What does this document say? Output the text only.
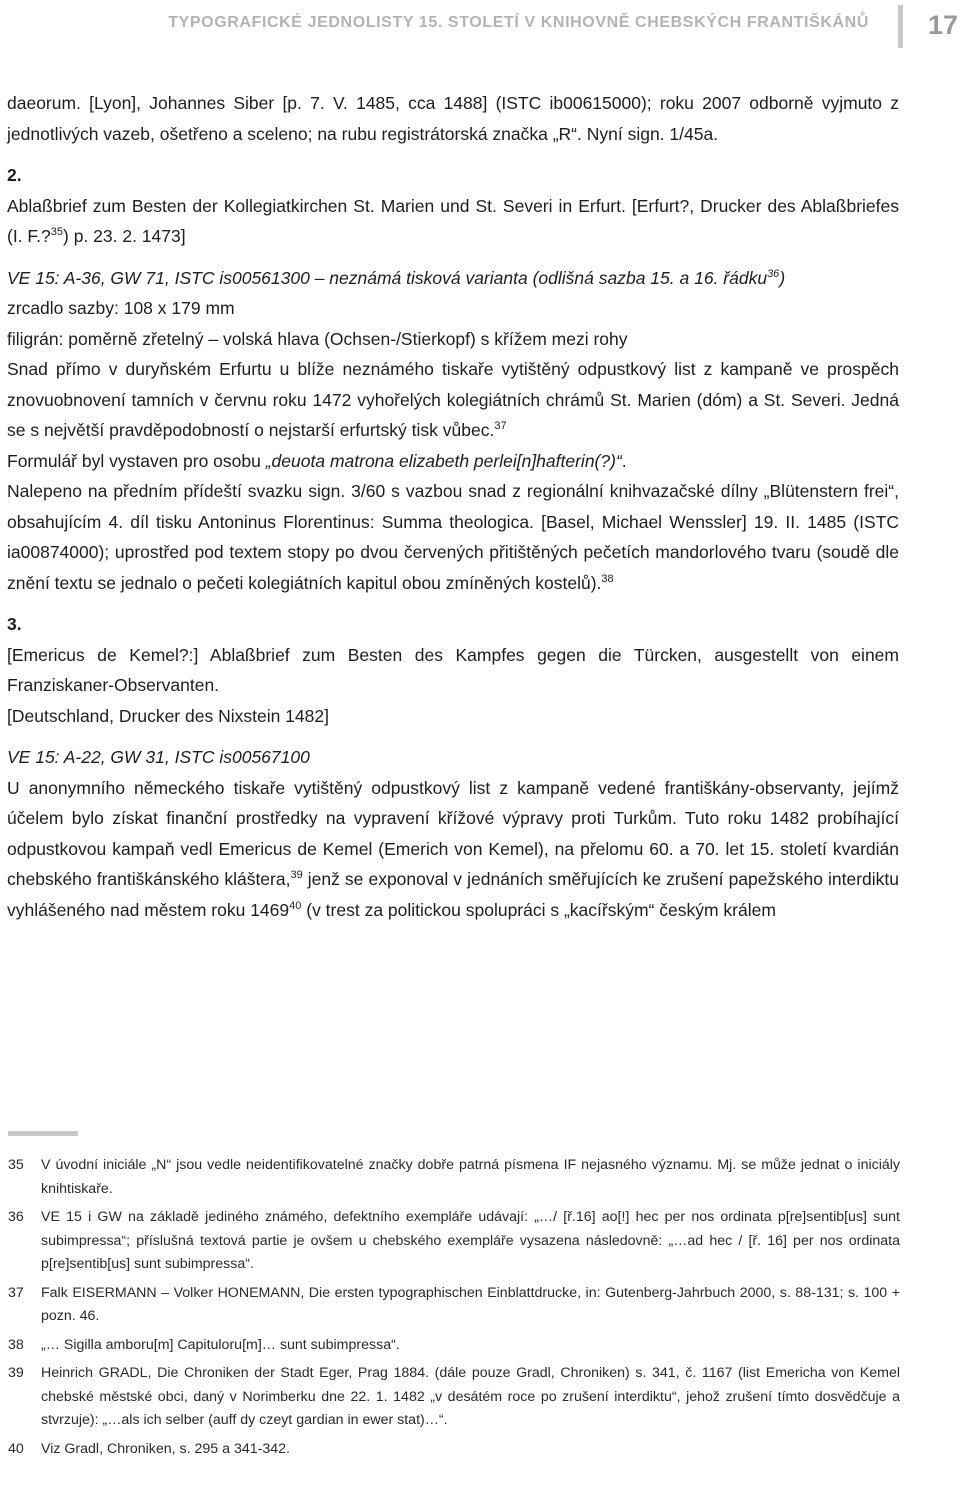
TYPOGRAFICKÉ JEDNOLISTY 15. STOLETÍ V KNIHOVNĚ CHEBSKÝCH FRANTIŠKÁNŮ 17

daeorum. [Lyon], Johannes Siber [p. 7. V. 1485, cca 1488] (ISTC ib00615000); roku 2007 odborně vyjmuto z jednotlivých vazeb, ošetřeno a sceleno; na rubu registrátorská značka „R“. Nyní sign. 1/45a.

2.

Ablaßbrief zum Besten der Kollegiatkirchen St. Marien und St. Severi in Erfurt. [Erfurt?, Drucker des Ablaßbriefes (I. F.?$^{35}$) p. 23. 2. 1473]

VE 15: A-36, GW 71, ISTC is00561300 – neznámá tisková varianta (odlišná sazba 15. a 16. řádku$^{36}$)

zrcadlo sazby: 108 x 179 mm

filigrán: poměrně zřetelný – volská hlava (Ochsen-/Stierkopf) s křížem mezi rohy

Snad přímo v duryňském Erfurtu u blíže neznámého tiskaře vytištěný odpustkový list z kampaně ve prospěch znovuobnovení tamních v červnu roku 1472 vyhořelých kolegiátních chrámů St. Marien (dóm) a St. Severi. Jedná se s největší pravděpodobností o nejstarší erfurtský tisk vůbec.$^{37}$

Formulář byl vystaven pro osobu „deuota matrona elizabeth perlei[n]hafterin(?)“.

Nalepeno na předním přídeští svazku sign. 3/60 s vazbou snad z regionální knihvazačské dílny „Blütenstern frei“, obsahujícím 4. díl tisku Antoninus Florentinus: Summa theologica. [Basel, Michael Wenssler] 19. II. 1485 (ISTC ia00874000); uprostřed pod textem stopy po dvou červených přitištěných pečetích mandorlového tvaru (soudě dle znění textu se jednalo o pečeti kolegiátních kapitul obou zmíněných kostelů).$^{38}$

3.

[Emericus de Kemel?:] Ablaßbrief zum Besten des Kampfes gegen die Türcken, ausgestellt von einem Franziskaner-Observanten.

[Deutschland, Drucker des Nixstein 1482]

VE 15: A-22, GW 31, ISTC is00567100

U anonymního německého tiskaře vytištěný odpustkový list z kampaně vedené františkány-observanty, jejímž účelem bylo získat finanční prostředky na vypravení křížové výpravy proti Turkům. Tuto roku 1482 probíhající odpustkovou kampaň vedl Emericus de Kemel (Emerich von Kemel), na přelomu 60. a 70. let 15. století kvardián chebského františkánského kláštera,$^{39}$ jenž se exponoval v jednáních směřujících ke zrušení papežského interdiktu vyhlášeného nad městem roku 1469$^{40}$ (v trest za politickou spolupráci s „kacířským“ českým králem

35 V úvodní iniciále „N“ jsou vedle neidentifikovatelné značky dobře patrná písmena IF nejasného významu. Mj. se může jednat o iniciály knihtiskaře.
36 VE 15 i GW na základě jediného známého, defektního exempláře udávají: „…/ [ř.16] ao[!] hec per nos ordinata p[re]sentib[us] sunt subimpressa“; příslušná textová partie je ovšem u chebského exempláře vysazena následovně: „…ad hec / [ř. 16] per nos ordinata p[re]sentib[us] sunt subimpressa“.
37 Falk EISERMANN – Volker HONEMANN, Die ersten typographischen Einblattdrucke, in: Gutenberg-Jahrbuch 2000, s. 88-131; s. 100 + pozn. 46.
38 „… Sigilla amboru[m] Capituloru[m]… sunt subimpressa“.
39 Heinrich GRADL, Die Chroniken der Stadt Eger, Prag 1884. (dále pouze Gradl, Chroniken) s. 341, č. 1167 (list Emericha von Kemel chebské městské obci, daný v Norimberku dne 22. 1. 1482 „v desátém roce po zrušení interdiktu“, jehož zrušení tímto dosvědčuje a stvrzuje): „…als ich selber (auff dy czeyt gardian in ewer stat)…“.
40 Viz Gradl, Chroniken, s. 295 a 341-342.
